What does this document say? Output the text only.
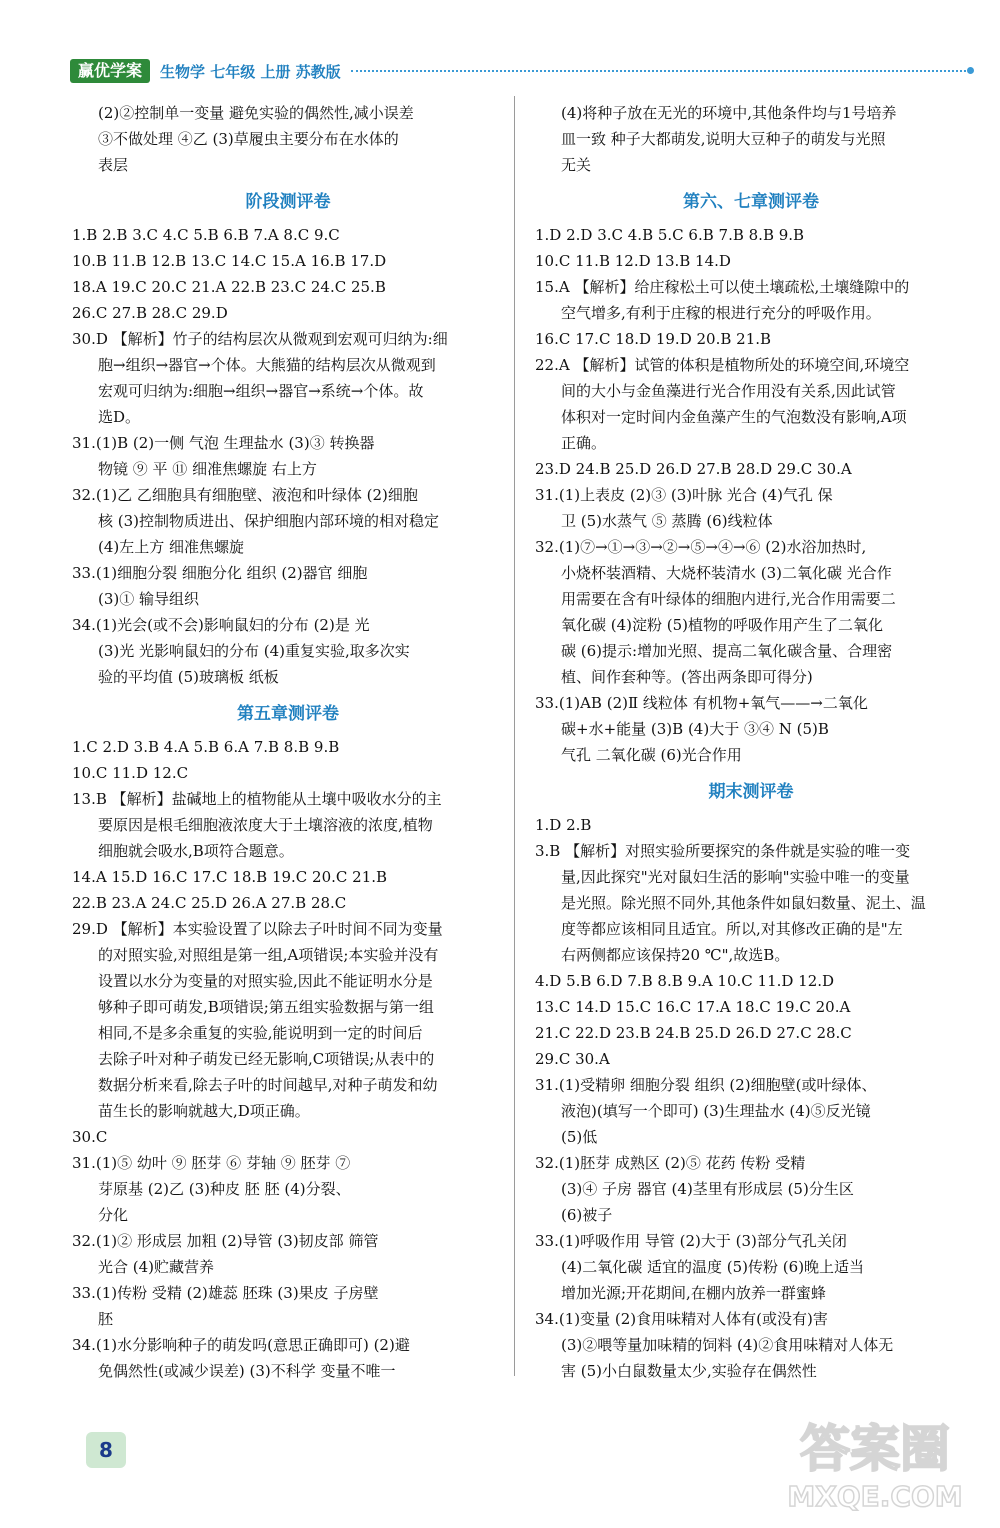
赢优学案	生物学 七年级 上册 苏教版
(2)②控制单一变量 避免实验的偶然性,减小误差
③不做处理 ④乙 (3)草履虫主要分布在水体的
表层
阶段测评卷
1.B 2.B 3.C 4.C 5.B 6.B 7.A 8.C 9.C
10.B 11.B 12.B 13.C 14.C 15.A 16.B 17.D
18.A 19.C 20.C 21.A 22.B 23.C 24.C 25.B
26.C 27.B 28.C 29.D
30.D 【解析】竹子的结构层次从微观到宏观可归纳为:细
胞→组织→器官→个体。大熊猫的结构层次从微观到
宏观可归纳为:细胞→组织→器官→系统→个体。故
选D。
31.(1)B (2)一侧 气泡 生理盐水 (3)③ 转换器
物镜 ⑨ 平 ⑪ 细准焦螺旋 右上方
32.(1)乙 乙细胞具有细胞壁、液泡和叶绿体 (2)细胞
核 (3)控制物质进出、保护细胞内部环境的相对稳定
(4)左上方 细准焦螺旋
33.(1)细胞分裂 细胞分化 组织 (2)器官 细胞
(3)① 输导组织
34.(1)光会(或不会)影响鼠妇的分布 (2)是 光
(3)光 光影响鼠妇的分布 (4)重复实验,取多次实
验的平均值 (5)玻璃板 纸板
第五章测评卷
1.C 2.D 3.B 4.A 5.B 6.A 7.B 8.B 9.B
10.C 11.D 12.C
13.B 【解析】盐碱地上的植物能从土壤中吸收水分的主
要原因是根毛细胞液浓度大于土壤溶液的浓度,植物
细胞就会吸水,B项符合题意。
14.A 15.D 16.C 17.C 18.B 19.C 20.C 21.B
22.B 23.A 24.C 25.D 26.A 27.B 28.C
29.D 【解析】本实验设置了以除去子叶时间不同为变量
的对照实验,对照组是第一组,A项错误;本实验并没有
设置以水分为变量的对照实验,因此不能证明水分是
够种子即可萌发,B项错误;第五组实验数据与第一组
相同,不是多余重复的实验,能说明到一定的时间后
去除子叶对种子萌发已经无影响,C项错误;从表中的
数据分析来看,除去子叶的时间越早,对种子萌发和幼
苗生长的影响就越大,D项正确。
30.C
31.(1)⑤ 幼叶 ⑨ 胚芽 ⑥ 芽轴 ⑨ 胚芽 ⑦
芽原基 (2)乙 (3)种皮 胚 胚 (4)分裂、
分化
32.(1)② 形成层 加粗 (2)导管 (3)韧皮部 筛管
光合 (4)贮藏营养
33.(1)传粉 受精 (2)雄蕊 胚珠 (3)果皮 子房壁
胚
34.(1)水分影响种子的萌发吗(意思正确即可) (2)避
免偶然性(或减少误差) (3)不科学 变量不唯一
(4)将种子放在无光的环境中,其他条件均与1号培养
皿一致 种子大都萌发,说明大豆种子的萌发与光照
无关
第六、七章测评卷
1.D 2.D 3.C 4.B 5.C 6.B 7.B 8.B 9.B
10.C 11.B 12.D 13.B 14.D
15.A 【解析】给庄稼松土可以使土壤疏松,土壤缝隙中的
空气增多,有利于庄稼的根进行充分的呼吸作用。
16.C 17.C 18.D 19.D 20.B 21.B
22.A 【解析】试管的体积是植物所处的环境空间,环境空
间的大小与金鱼藻进行光合作用没有关系,因此试管
体积对一定时间内金鱼藻产生的气泡数没有影响,A项
正确。
23.D 24.B 25.D 26.D 27.B 28.D 29.C 30.A
31.(1)上表皮 (2)③ (3)叶脉 光合 (4)气孔 保
卫 (5)水蒸气 ⑤ 蒸腾 (6)线粒体
32.(1)⑦→①→③→②→⑤→④→⑥ (2)水浴加热时,
小烧杯装酒精、大烧杯装清水 (3)二氧化碳 光合作
用需要在含有叶绿体的细胞内进行,光合作用需要二
氧化碳 (4)淀粉 (5)植物的呼吸作用产生了二氧化
碳 (6)提示:增加光照、提高二氧化碳含量、合理密
植、间作套种等。(答出两条即可得分)
33.(1)AB (2)Ⅱ 线粒体 有机物+氧气——→二氧化
碳+水+能量 (3)B (4)大于 ③④ N (5)B
气孔 二氧化碳 (6)光合作用
期末测评卷
1.D 2.B
3.B 【解析】对照实验所要探究的条件就是实验的唯一变
量,因此探究"光对鼠妇生活的影响"实验中唯一的变量
是光照。除光照不同外,其他条件如鼠妇数量、泥土、温
度等都应该相同且适宜。所以,对其修改正确的是"左
右两侧都应该保持20 ℃",故选B。
4.D 5.B 6.D 7.B 8.B 9.A 10.C 11.D 12.D
13.C 14.D 15.C 16.C 17.A 18.C 19.C 20.A
21.C 22.D 23.B 24.B 25.D 26.D 27.C 28.C
29.C 30.A
31.(1)受精卵 细胞分裂 组织 (2)细胞壁(或叶绿体、
液泡)(填写一个即可) (3)生理盐水 (4)⑤反光镜
(5)低
32.(1)胚芽 成熟区 (2)⑤ 花药 传粉 受精
(3)④ 子房 器官 (4)茎里有形成层 (5)分生区
(6)被子
33.(1)呼吸作用 导管 (2)大于 (3)部分气孔关闭
(4)二氧化碳 适宜的温度 (5)传粉 (6)晚上适当
增加光源;开花期间,在棚内放养一群蜜蜂
34.(1)变量 (2)食用味精对人体有(或没有)害
(3)②喂等量加味精的饲料 (4)②食用味精对人体无
害 (5)小白鼠数量太少,实验存在偶然性
8	答案圈
MXQE.COM
